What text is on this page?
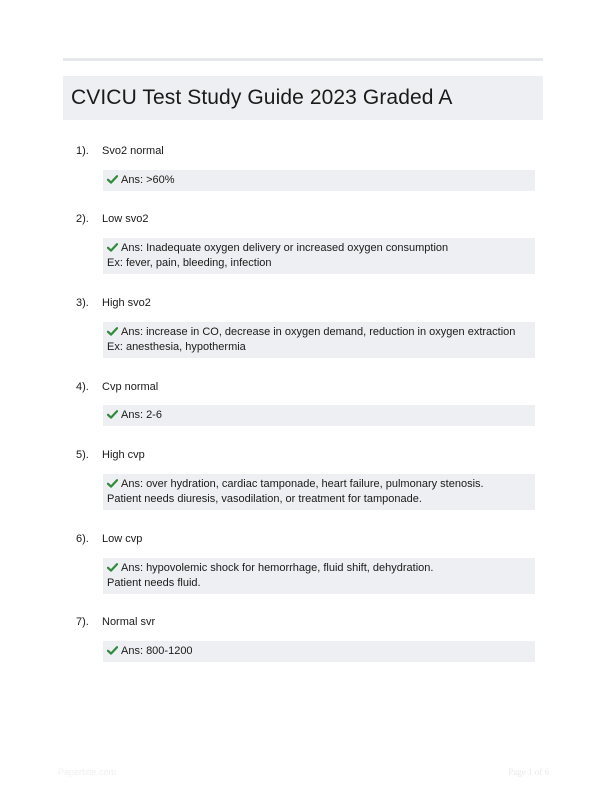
CVICU Test Study Guide 2023 Graded A
1). Svo2 normal
Ans: >60%
2). Low svo2
Ans: Inadequate oxygen delivery or increased oxygen consumption
Ex: fever, pain, bleeding, infection
3). High svo2
Ans: increase in CO, decrease in oxygen demand, reduction in oxygen extraction
Ex: anesthesia, hypothermia
4). Cvp normal
Ans: 2-6
5). High cvp
Ans: over hydration, cardiac tamponade, heart failure, pulmonary stenosis.
Patient needs diuresis, vasodilation, or treatment for tamponade.
6). Low cvp
Ans: hypovolemic shock for hemorrhage, fluid shift, dehydration.
Patient needs fluid.
7). Normal svr
Ans: 800-1200
Paperbite.com	Page 1 of 6
